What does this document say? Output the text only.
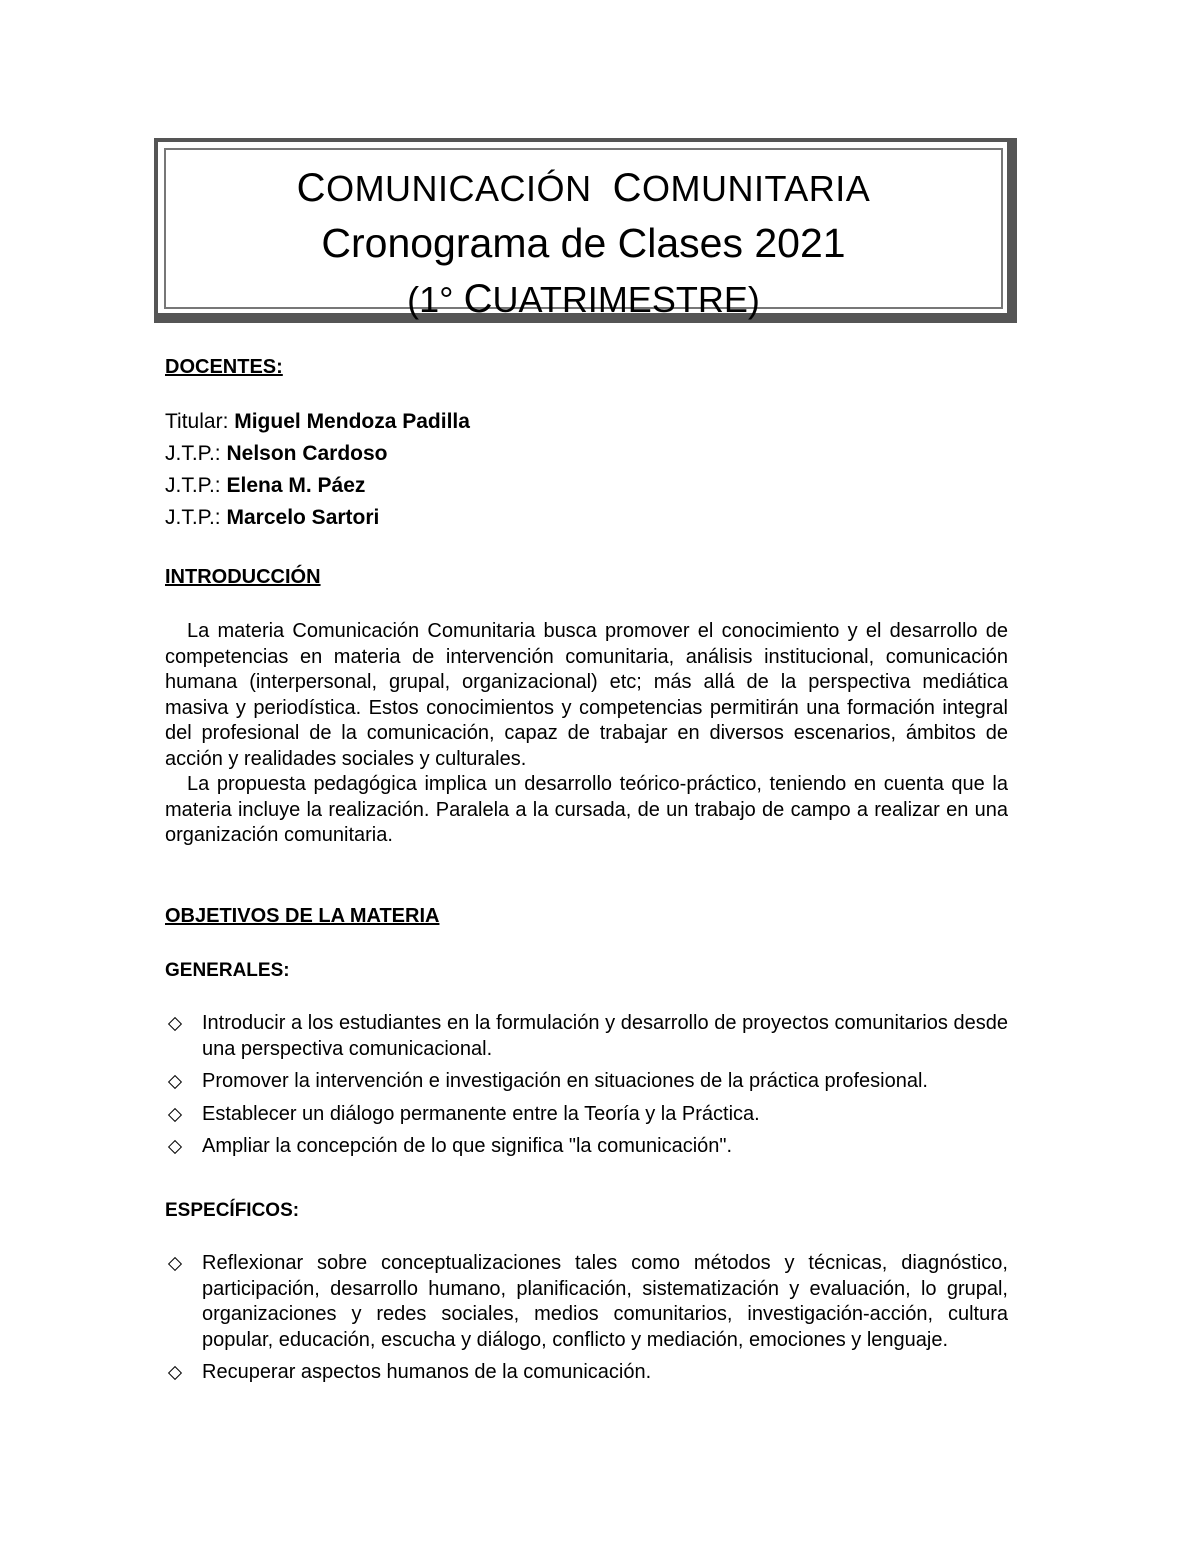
COMUNICACIÓN COMUNITARIA
Cronograma de Clases 2021
(1° CUATRIMESTRE)
DOCENTES:
Titular: Miguel Mendoza Padilla
J.T.P.: Nelson Cardoso
J.T.P.: Elena M. Páez
J.T.P.: Marcelo Sartori
INTRODUCCIÓN

La materia Comunicación Comunitaria busca promover el conocimiento y el desarrollo de competencias en materia de intervención comunitaria, análisis institucional, comunicación humana (interpersonal, grupal, organizacional) etc; más allá de la perspectiva mediática masiva y periodística. Estos conocimientos y competencias permitirán una formación integral del profesional de la comunicación, capaz de trabajar en diversos escenarios, ámbitos de acción y realidades sociales y culturales.

La propuesta pedagógica implica un desarrollo teórico-práctico, teniendo en cuenta que la materia incluye la realización. Paralela a la cursada, de un trabajo de campo a realizar en una organización comunitaria.

OBJETIVOS DE LA MATERIA
GENERALES:
Introducir a los estudiantes en la formulación y desarrollo de proyectos comunitarios desde una perspectiva comunicacional.
Promover la intervención e investigación en situaciones de la práctica profesional.
Establecer un diálogo permanente entre la Teoría y la Práctica.
Ampliar la concepción de lo que significa "la comunicación".
ESPECÍFICOS:
Reflexionar sobre conceptualizaciones tales como métodos y técnicas, diagnóstico, participación, desarrollo humano, planificación, sistematización y evaluación, lo grupal, organizaciones y redes sociales, medios comunitarios, investigación-acción, cultura popular, educación, escucha y diálogo, conflicto y mediación, emociones y lenguaje.
Recuperar aspectos humanos de la comunicación.
